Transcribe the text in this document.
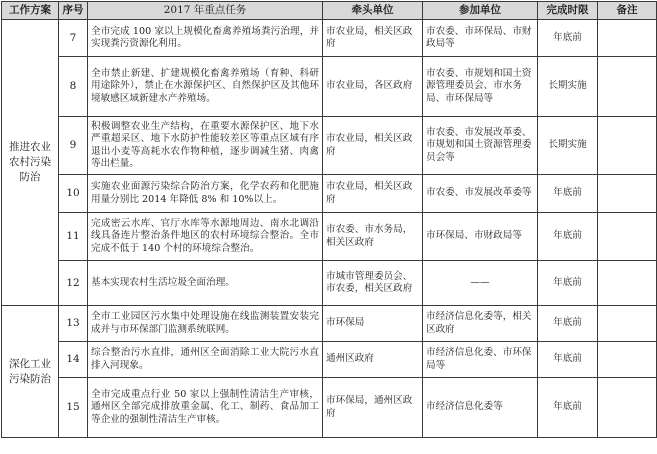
工作方案	序号	2017 年重点任务	牵头单位	参加单位	完成时限	备注
推进农业农村污染防治	7	全市完成 100 家以上规模化畜禽养殖场粪污治理，并实现粪污资源化利用。	市农业局，相关区政府	市农委、市环保局、市财政局等	年底前	
	8	全市禁止新建、扩建规模化畜禽养殖场（育种、科研用途除外），禁止在水源保护区、自然保护区及其他环境敏感区域新建水产养殖场。	市农业局，各区政府	市农委、市规划和国土资源管理委员会、市水务局、市环保局等	长期实施	
	9	积极调整农业生产结构，在重要水源保护区、地下水严重超采区、地下水防护性能较差区等重点区域有序退出小麦等高耗水农作物种植，逐步调减生猪、肉禽等出栏量。	市农业局，相关区政府	市农委、市发展改革委、市规划和国土资源管理委员会等	长期实施	
	10	实施农业面源污染综合防治方案，化学农药和化肥施用量分别比 2014 年降低 8% 和 10%以上。	市农业局，相关区政府	市农委、市发展改革委等	年底前	
	11	完成密云水库、官厅水库等水源地周边、南水北调沿线具备连片整治条件地区的农村环境综合整治。全市完成不低于 140 个村的环境综合整治。	市农委、市水务局，相关区政府	市环保局、市财政局等	年底前	
	12	基本实现农村生活垃圾全面治理。	市城市管理委员会、市农委，相关区政府	——	年底前	
深化工业污染防治	13	全市工业园区污水集中处理设施在线监测装置安装完成并与市环保部门监测系统联网。	市环保局	市经济信息化委等，相关区政府	年底前	
	14	综合整治污水直排，通州区全面消除工业大院污水直排入河现象。	通州区政府	市经济信息化委、市环保局等	年底前	
	15	全市完成重点行业 50 家以上强制性清洁生产审核，通州区全部完成排放重金属、化工、制药、食品加工等企业的强制性清洁生产审核。	市环保局，通州区政府	市经济信息化委等	年底前	
